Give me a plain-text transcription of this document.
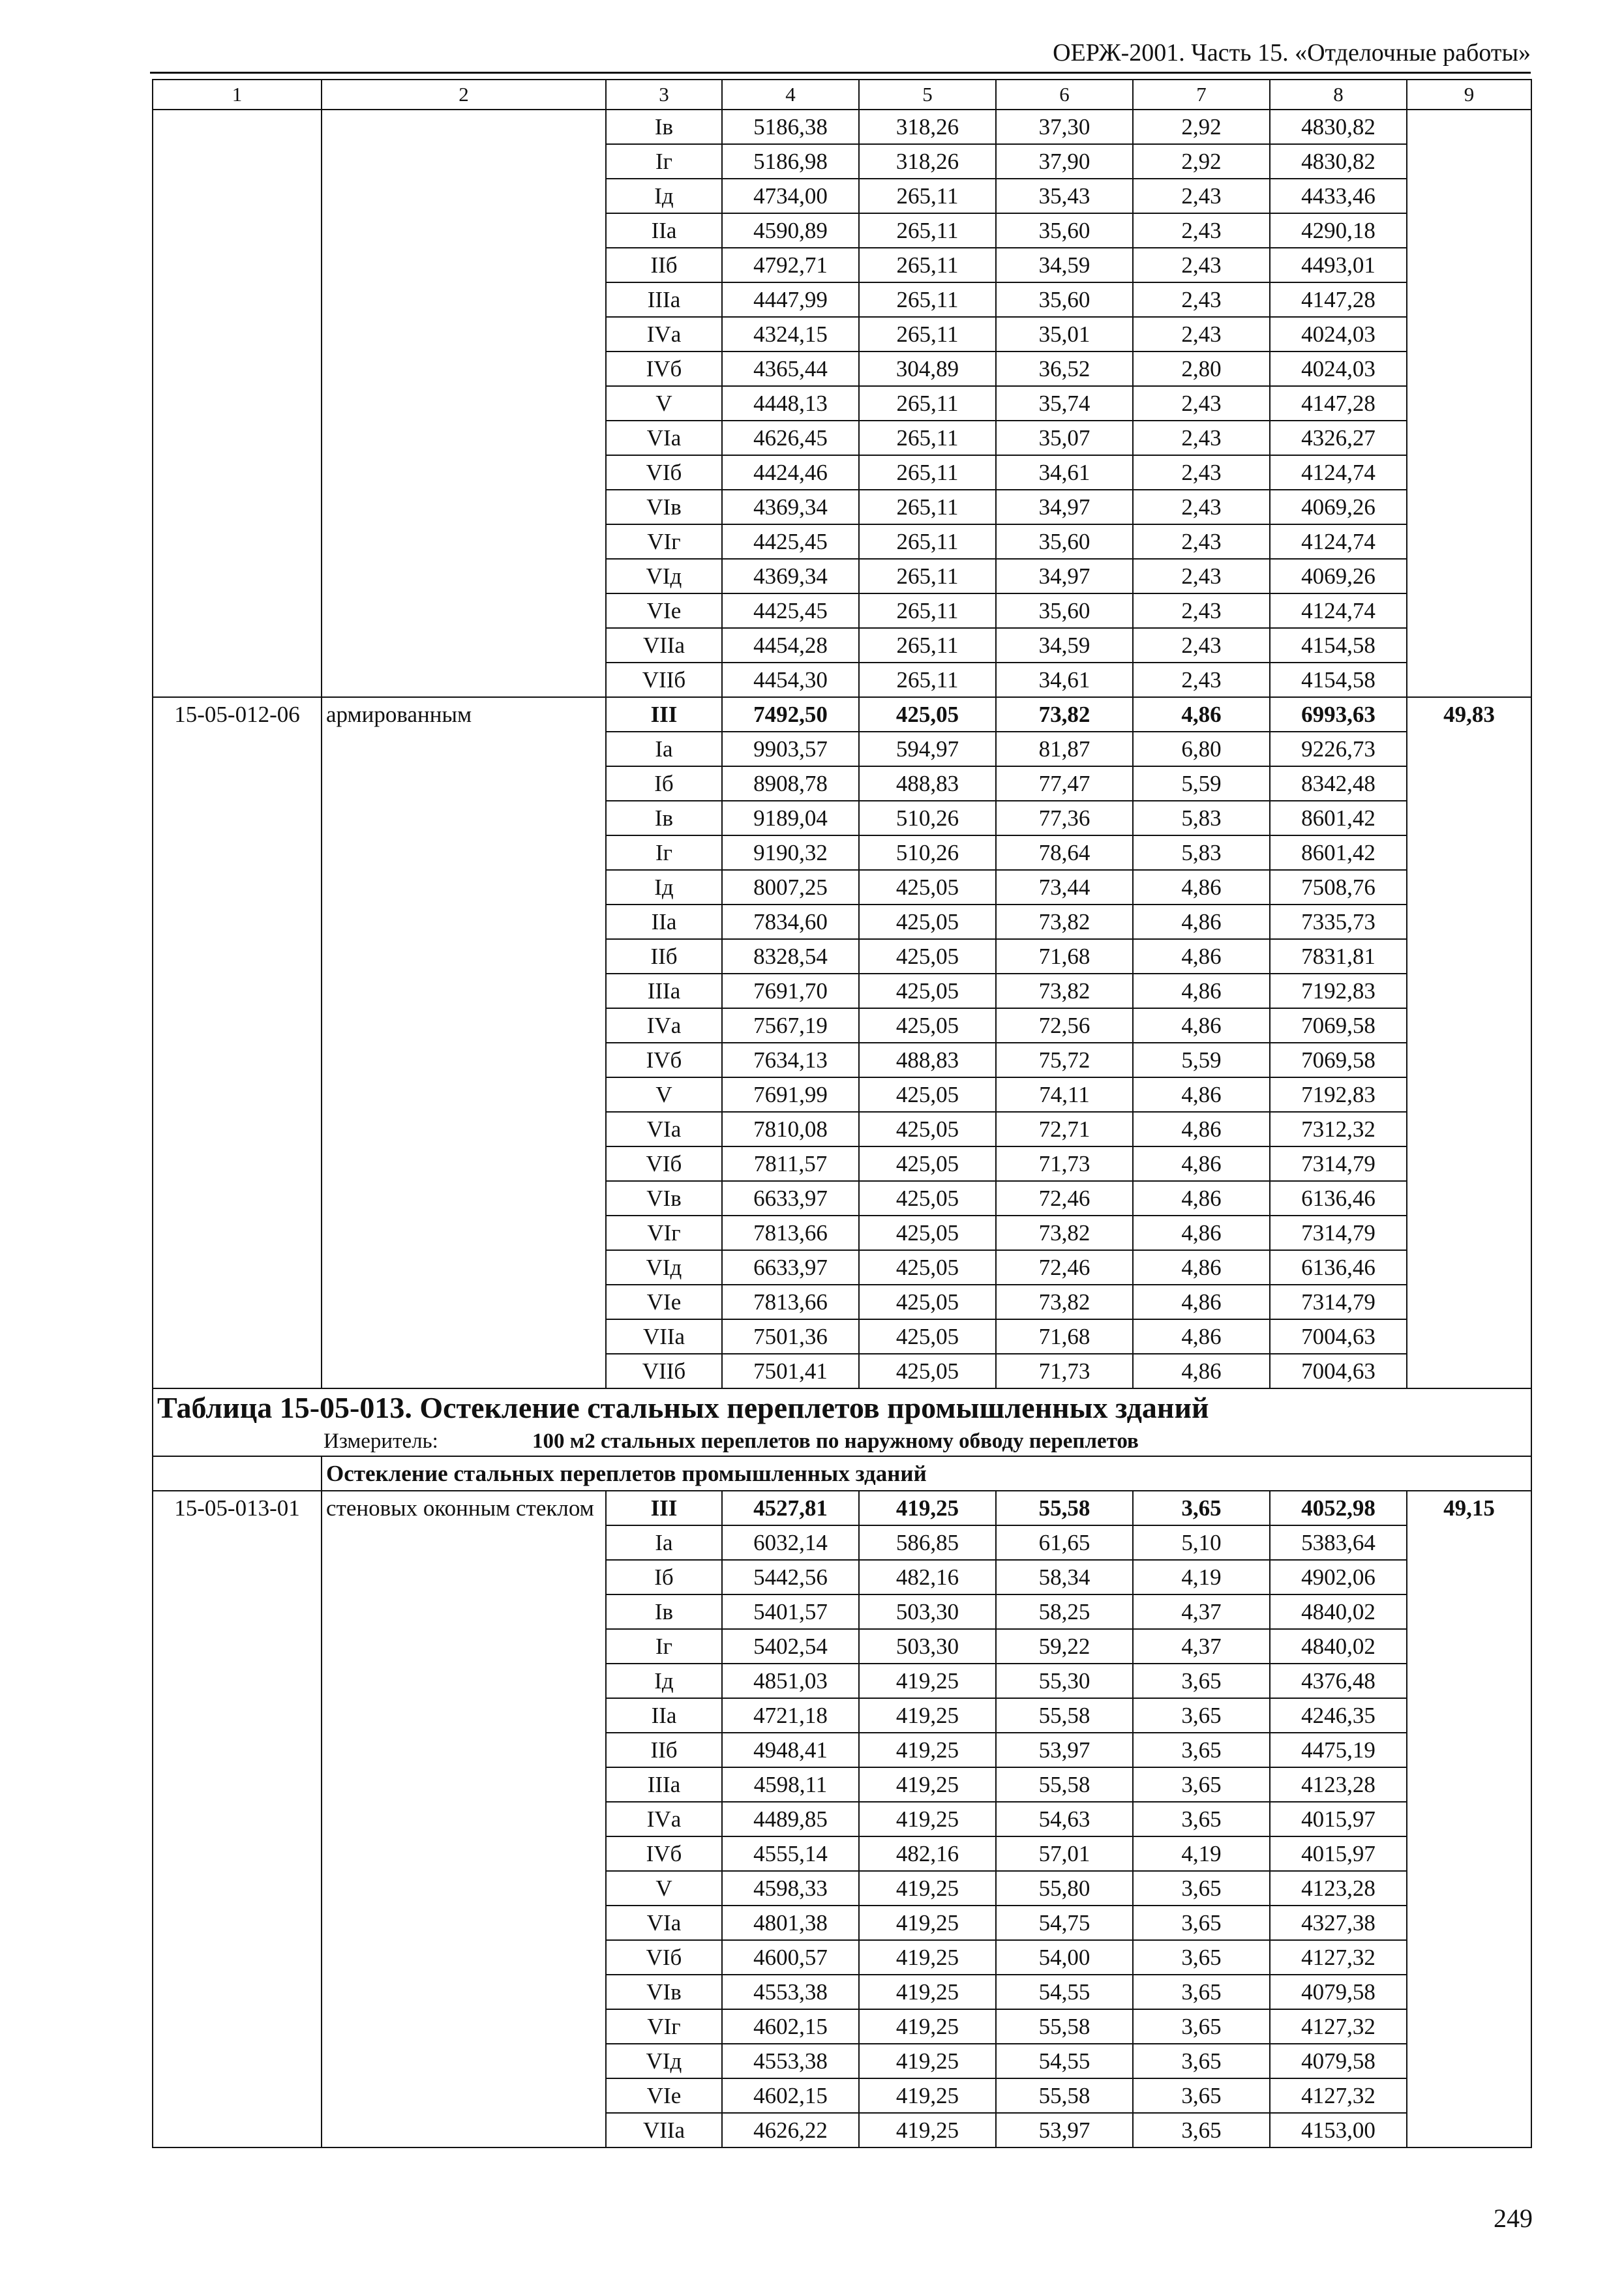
ОЕРЖ-2001. Часть 15. «Отделочные работы»
1	2	3	4	5	6	7	8	9
		Iв	5186,38	318,26	37,30	2,92	4830,82	
		Iг	5186,98	318,26	37,90	2,92	4830,82	
		Iд	4734,00	265,11	35,43	2,43	4433,46	
		IIа	4590,89	265,11	35,60	2,43	4290,18	
		IIб	4792,71	265,11	34,59	2,43	4493,01	
		IIIа	4447,99	265,11	35,60	2,43	4147,28	
		IVа	4324,15	265,11	35,01	2,43	4024,03	
		IVб	4365,44	304,89	36,52	2,80	4024,03	
		V	4448,13	265,11	35,74	2,43	4147,28	
		VIа	4626,45	265,11	35,07	2,43	4326,27	
		VIб	4424,46	265,11	34,61	2,43	4124,74	
		VIв	4369,34	265,11	34,97	2,43	4069,26	
		VIг	4425,45	265,11	35,60	2,43	4124,74	
		VIд	4369,34	265,11	34,97	2,43	4069,26	
		VIе	4425,45	265,11	35,60	2,43	4124,74	
		VIIа	4454,28	265,11	34,59	2,43	4154,58	
		VIIб	4454,30	265,11	34,61	2,43	4154,58	
15-05-012-06	армированным	III	7492,50	425,05	73,82	4,86	6993,63	49,83
		Iа	9903,57	594,97	81,87	6,80	9226,73	
		Iб	8908,78	488,83	77,47	5,59	8342,48	
		Iв	9189,04	510,26	77,36	5,83	8601,42	
		Iг	9190,32	510,26	78,64	5,83	8601,42	
		Iд	8007,25	425,05	73,44	4,86	7508,76	
		IIа	7834,60	425,05	73,82	4,86	7335,73	
		IIб	8328,54	425,05	71,68	4,86	7831,81	
		IIIа	7691,70	425,05	73,82	4,86	7192,83	
		IVа	7567,19	425,05	72,56	4,86	7069,58	
		IVб	7634,13	488,83	75,72	5,59	7069,58	
		V	7691,99	425,05	74,11	4,86	7192,83	
		VIа	7810,08	425,05	72,71	4,86	7312,32	
		VIб	7811,57	425,05	71,73	4,86	7314,79	
		VIв	6633,97	425,05	72,46	4,86	6136,46	
		VIг	7813,66	425,05	73,82	4,86	7314,79	
		VIд	6633,97	425,05	72,46	4,86	6136,46	
		VIе	7813,66	425,05	73,82	4,86	7314,79	
		VIIа	7501,36	425,05	71,68	4,86	7004,63	
		VIIб	7501,41	425,05	71,73	4,86	7004,63	

Таблица 15-05-013. Остекление стальных переплетов промышленных зданий
Измеритель: 100 м2 стальных переплетов по наружному обводу переплетов								

	Остекление стальных переплетов промышленных зданий							
15-05-013-01	стеновых оконным стеклом	III	4527,81	419,25	55,58	3,65	4052,98	49,15
		Iа	6032,14	586,85	61,65	5,10	5383,64	
		Iб	5442,56	482,16	58,34	4,19	4902,06	
		Iв	5401,57	503,30	58,25	4,37	4840,02	
		Iг	5402,54	503,30	59,22	4,37	4840,02	
		Iд	4851,03	419,25	55,30	3,65	4376,48	
		IIа	4721,18	419,25	55,58	3,65	4246,35	
		IIб	4948,41	419,25	53,97	3,65	4475,19	
		IIIа	4598,11	419,25	55,58	3,65	4123,28	
		IVа	4489,85	419,25	54,63	3,65	4015,97	
		IVб	4555,14	482,16	57,01	4,19	4015,97	
		V	4598,33	419,25	55,80	3,65	4123,28	
		VIа	4801,38	419,25	54,75	3,65	4327,38	
		VIб	4600,57	419,25	54,00	3,65	4127,32	
		VIв	4553,38	419,25	54,55	3,65	4079,58	
		VIг	4602,15	419,25	55,58	3,65	4127,32	
		VIд	4553,38	419,25	54,55	3,65	4079,58	
		VIе	4602,15	419,25	55,58	3,65	4127,32	
		VIIа	4626,22	419,25	53,97	3,65	4153,00	
249
